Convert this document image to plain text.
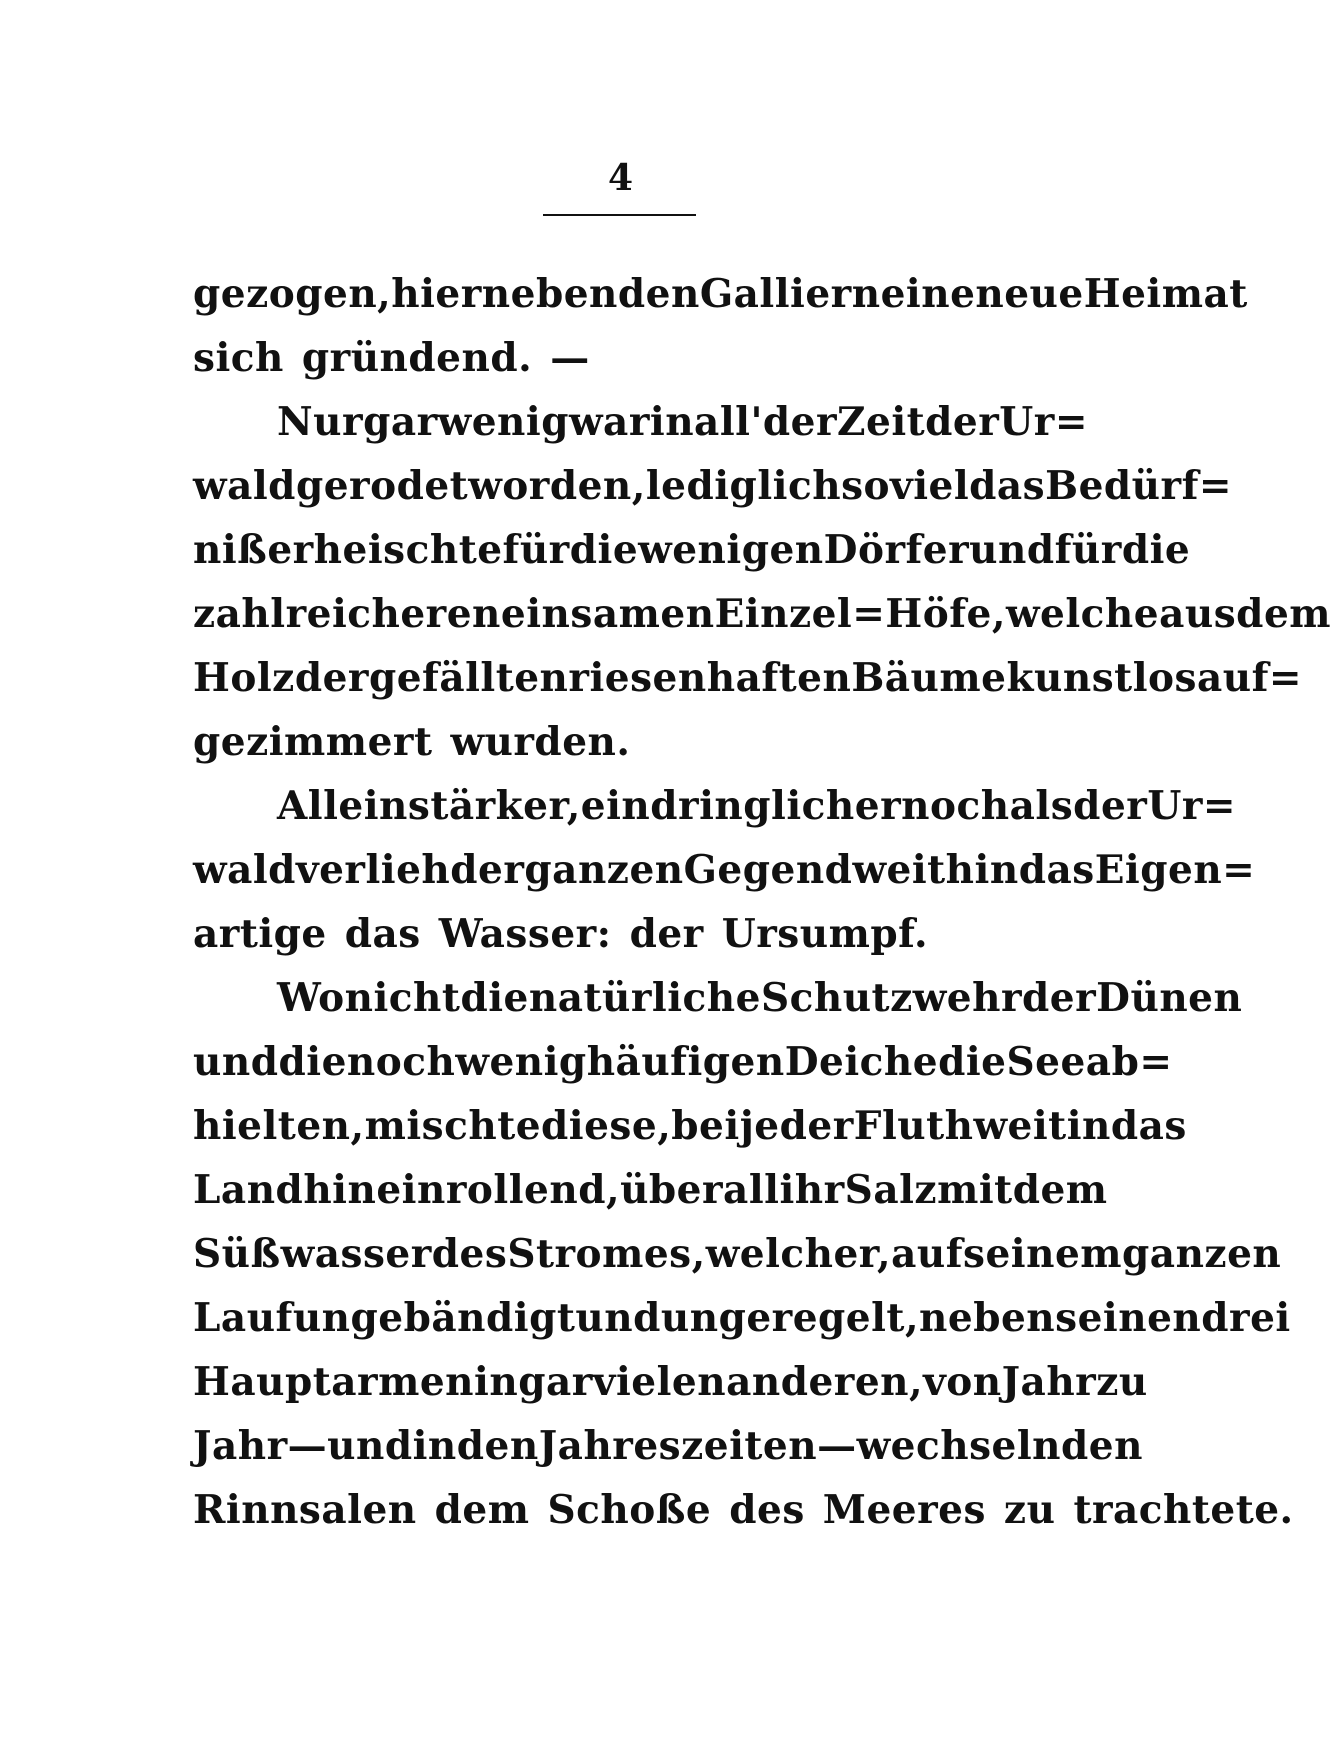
4
gezogen, hier neben den Galliern eine neue Heimat
sich gründend. —
Nur gar wenig war in all' der Zeit der Ur=
wald gerodet worden, lediglich soviel das Bedürf=
niß erheischte für die wenigen Dörfer und für die
zahlreicheren einsamen Einzel=Höfe, welche aus dem
Holz der gefällten riesenhaften Bäume kunstlos auf=
gezimmert wurden.
Allein stärker, eindringlicher noch als der Ur=
wald verlieh der ganzen Gegend weithin das Eigen=
artige das Wasser: der Ursumpf.
Wo nicht die natürliche Schutzwehr der Dünen
und die noch wenig häufigen Deiche die See ab=
hielten, mischte diese, bei jeder Fluth weit in das
Land hinein rollend, überall ihr Salz mit dem
Süßwasser des Stromes, welcher, auf seinem ganzen
Lauf ungebändigt und ungeregelt, neben seinen drei
Hauptarmen in gar vielen anderen, von Jahr zu
Jahr — und in den Jahreszeiten — wechselnden
Rinnsalen dem Schoße des Meeres zu trachtete.
